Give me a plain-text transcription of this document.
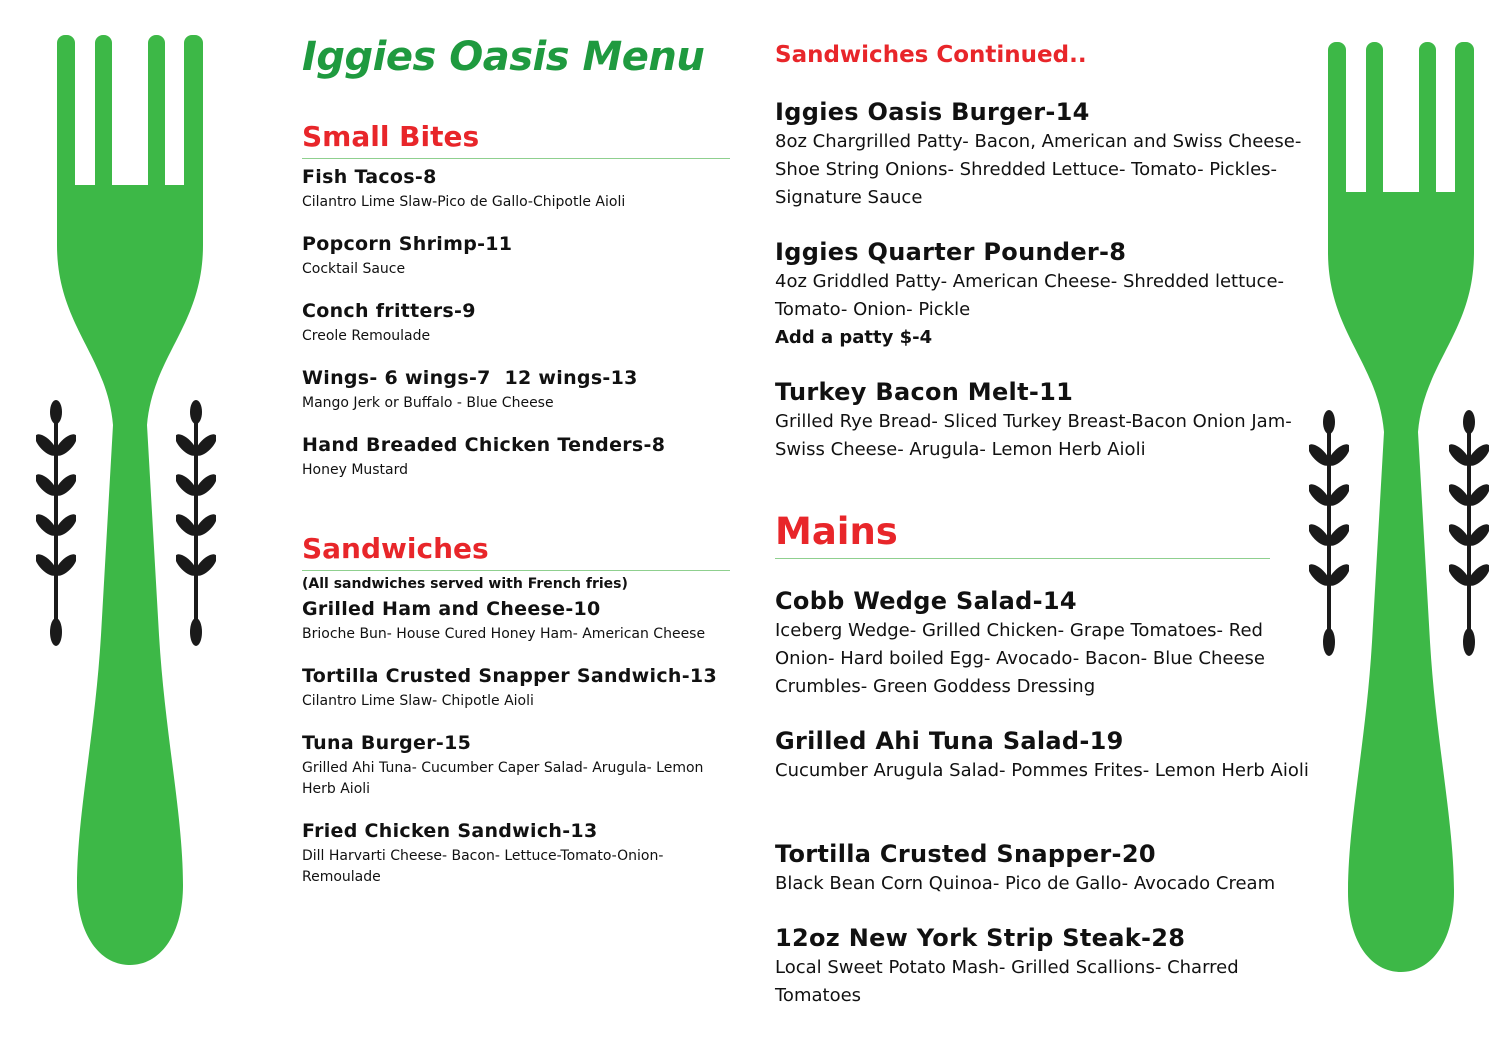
Iggies Oasis Menu
Small Bites
Fish Tacos-8
Cilantro Lime Slaw-Pico de Gallo-Chipotle Aioli
Popcorn Shrimp-11
Cocktail Sauce
Conch fritters-9
Creole Remoulade
Wings- 6 wings-7  12 wings-13
Mango Jerk or Buffalo - Blue Cheese
Hand Breaded Chicken Tenders-8
Honey Mustard
Sandwiches
(All sandwiches served with French fries)
Grilled Ham and Cheese-10
Brioche Bun- House Cured Honey Ham- American Cheese
Tortilla Crusted Snapper Sandwich-13
Cilantro Lime Slaw- Chipotle Aioli
Tuna Burger-15
Grilled Ahi Tuna- Cucumber Caper Salad- Arugula- Lemon Herb Aioli
Fried Chicken Sandwich-13
Dill Harvarti Cheese- Bacon- Lettuce-Tomato-Onion- Remoulade
Sandwiches Continued..
Iggies Oasis Burger-14
8oz Chargrilled Patty- Bacon, American and Swiss Cheese- Shoe String Onions- Shredded Lettuce- Tomato- Pickles- Signature Sauce
Iggies Quarter Pounder-8
4oz Griddled Patty- American Cheese- Shredded lettuce- Tomato- Onion- Pickle
Add a patty $-4
Turkey Bacon Melt-11
Grilled Rye Bread- Sliced Turkey Breast-Bacon Onion Jam- Swiss Cheese- Arugula- Lemon Herb Aioli
Mains
Cobb Wedge Salad-14
Iceberg Wedge- Grilled Chicken- Grape Tomatoes- Red Onion- Hard boiled Egg- Avocado- Bacon- Blue Cheese Crumbles- Green Goddess Dressing
Grilled Ahi Tuna Salad-19
Cucumber Arugula Salad- Pommes Frites- Lemon Herb Aioli
Tortilla Crusted Snapper-20
Black Bean Corn Quinoa- Pico de Gallo- Avocado Cream
12oz New York Strip Steak-28
Local Sweet Potato Mash- Grilled Scallions- Charred Tomatoes
